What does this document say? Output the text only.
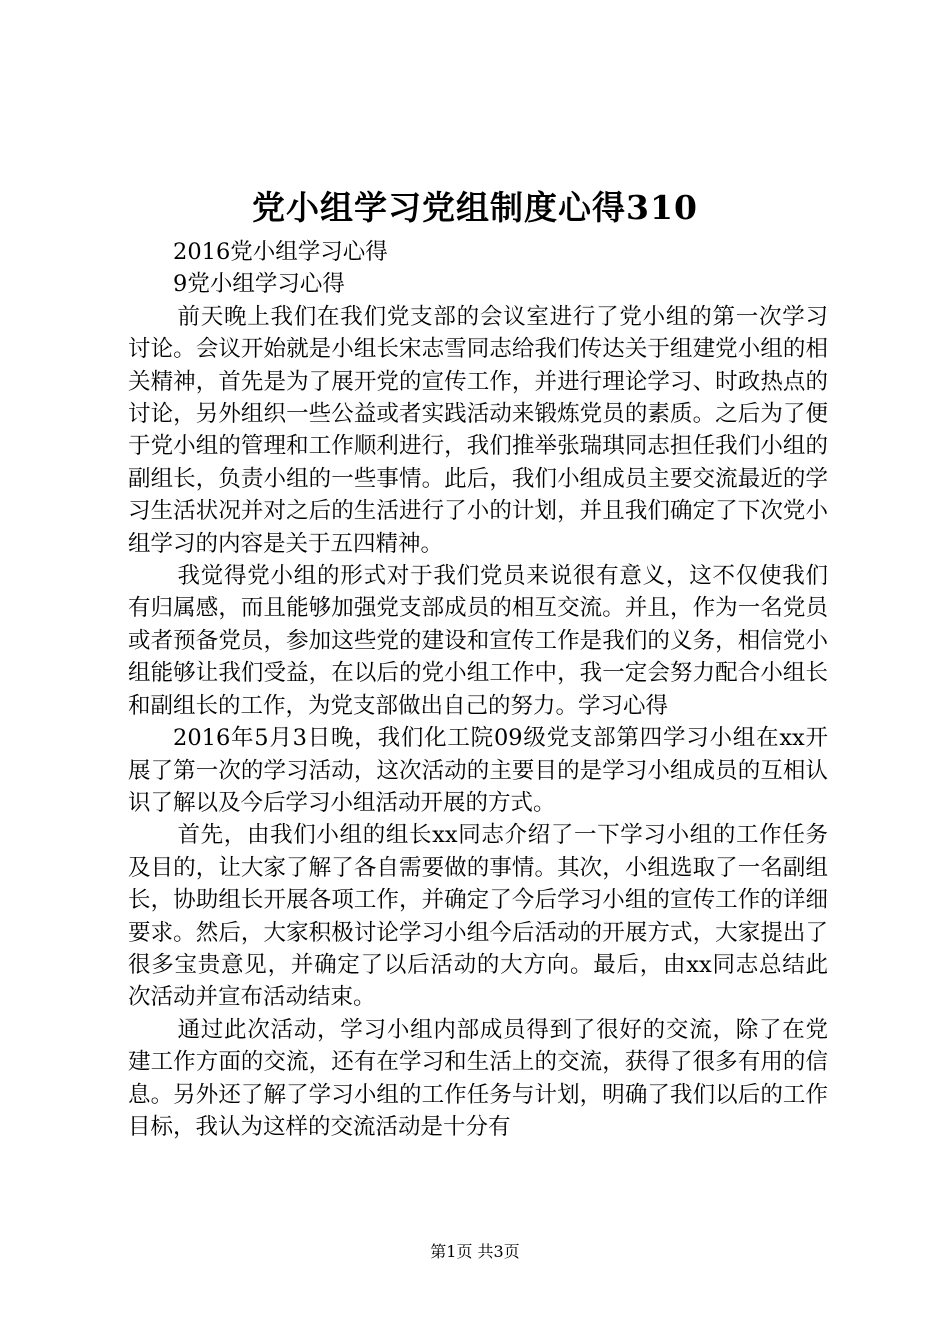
党小组学习党组制度心得310

2016党小组学习心得

9党小组学习心得

前天晚上我们在我们党支部的会议室进行了党小组的第一次学习讨论。会议开始就是小组长宋志雪同志给我们传达关于组建党小组的相关精神，首先是为了展开党的宣传工作，并进行理论学习、时政热点的讨论，另外组织一些公益或者实践活动来锻炼党员的素质。之后为了便于党小组的管理和工作顺利进行，我们推举张瑞琪同志担任我们小组的副组长，负责小组的一些事情。此后，我们小组成员主要交流最近的学习生活状况并对之后的生活进行了小的计划，并且我们确定了下次党小组学习的内容是关于五四精神。

我觉得党小组的形式对于我们党员来说很有意义，这不仅使我们有归属感，而且能够加强党支部成员的相互交流。并且，作为一名党员或者预备党员，参加这些党的建设和宣传工作是我们的义务，相信党小组能够让我们受益，在以后的党小组工作中，我一定会努力配合小组长和副组长的工作，为党支部做出自己的努力。学习心得

2016年5月3日晚，我们化工院09级党支部第四学习小组在xx开展了第一次的学习活动，这次活动的主要目的是学习小组成员的互相认识了解以及今后学习小组活动开展的方式。

首先，由我们小组的组长xx同志介绍了一下学习小组的工作任务及目的，让大家了解了各自需要做的事情。其次，小组选取了一名副组长，协助组长开展各项工作，并确定了今后学习小组的宣传工作的详细要求。然后，大家积极讨论学习小组今后活动的开展方式，大家提出了很多宝贵意见，并确定了以后活动的大方向。最后，由xx同志总结此次活动并宣布活动结束。

通过此次活动，学习小组内部成员得到了很好的交流，除了在党建工作方面的交流，还有在学习和生活上的交流，获得了很多有用的信息。另外还了解了学习小组的工作任务与计划，明确了我们以后的工作目标，我认为这样的交流活动是十分有

第1页 共3页
